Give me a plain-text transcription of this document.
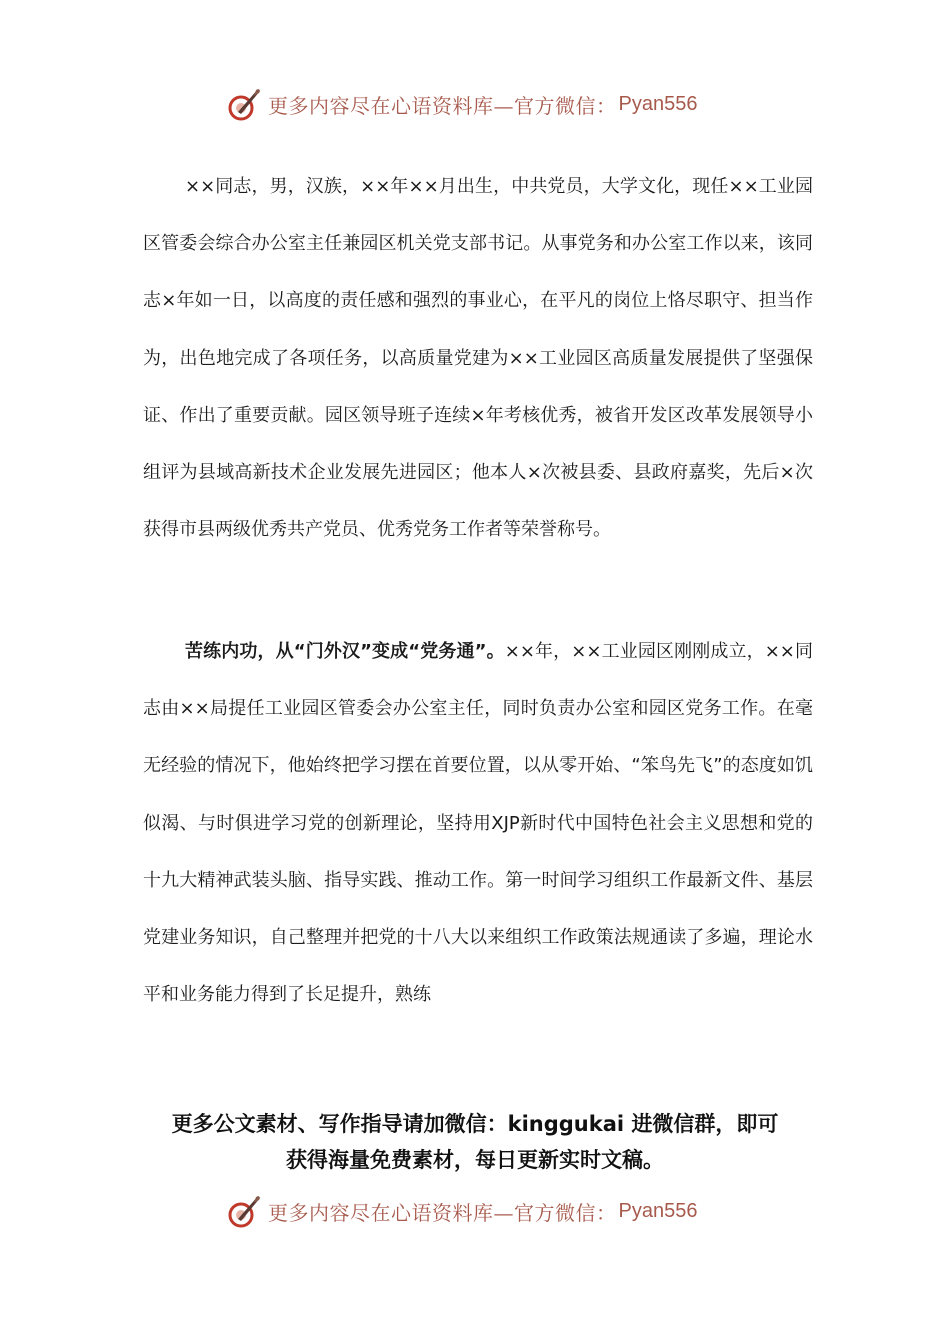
更多内容尽在心语资料库—官方微信： Pyan556

××同志，男，汉族，××年××月出生，中共党员，大学文化，现任××工业园区管委会综合办公室主任兼园区机关党支部书记。从事党务和办公室工作以来，该同志×年如一日，以高度的责任感和强烈的事业心，在平凡的岗位上恪尽职守、担当作为，出色地完成了各项任务，以高质量党建为××工业园区高质量发展提供了坚强保证、作出了重要贡献。园区领导班子连续×年考核优秀，被省开发区改革发展领导小组评为县域高新技术企业发展先进园区；他本人×次被县委、县政府嘉奖，先后×次获得市县两级优秀共产党员、优秀党务工作者等荣誉称号。

苦练内功，从“门外汉”变成“党务通”。××年，××工业园区刚刚成立，××同志由××局提任工业园区管委会办公室主任，同时负责办公室和园区党务工作。在毫无经验的情况下，他始终把学习摆在首要位置，以从零开始、“笨鸟先飞”的态度如饥似渴、与时俱进学习党的创新理论，坚持用XJP新时代中国特色社会主义思想和党的十九大精神武装头脑、指导实践、推动工作。第一时间学习组织工作最新文件、基层党建业务知识，自己整理并把党的十八大以来组织工作政策法规通读了多遍，理论水平和业务能力得到了长足提升，熟练

更多公文素材、写作指导请加微信：kinggukai 进微信群，即可
获得海量免费素材，每日更新实时文稿。
更多内容尽在心语资料库—官方微信： Pyan556
